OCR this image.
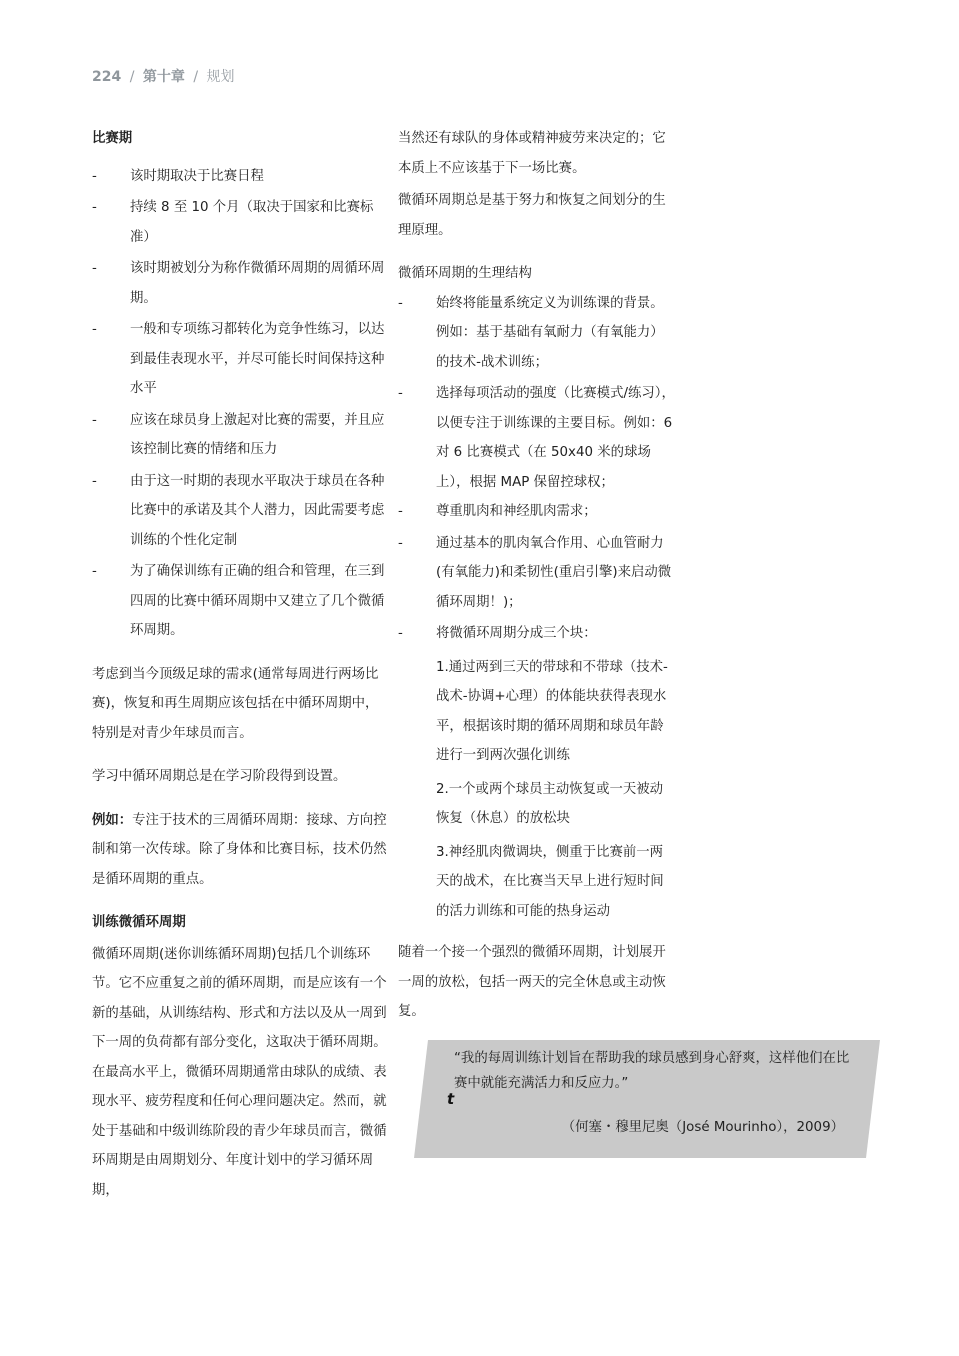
224 / 第十章 / 规划

比赛期

- 该时期取决于比赛日程
- 持续 8 至 10 个月（取决于国家和比赛标准）
- 该时期被划分为称作微循环周期的周循环周期。
- 一般和专项练习都转化为竞争性练习，以达到最佳表现水平，并尽可能长时间保持这种水平
- 应该在球员身上激起对比赛的需要，并且应该控制比赛的情绪和压力
- 由于这一时期的表现水平取决于球员在各种比赛中的承诺及其个人潜力，因此需要考虑训练的个性化定制
- 为了确保训练有正确的组合和管理，在三到四周的比赛中循环周期中又建立了几个微循环周期。

考虑到当今顶级足球的需求(通常每周进行两场比赛)，恢复和再生周期应该包括在中循环周期中，特别是对青少年球员而言。

学习中循环周期总是在学习阶段得到设置。

例如：专注于技术的三周循环周期：接球、方向控制和第一次传球。除了身体和比赛目标，技术仍然是循环周期的重点。

训练微循环周期

微循环周期(迷你训练循环周期)包括几个训练环节。它不应重复之前的循环周期，而是应该有一个新的基础，从训练结构、形式和方法以及从一周到下一周的负荷都有部分变化，这取决于循环周期。在最高水平上，微循环周期通常由球队的成绩、表现水平、疲劳程度和任何心理问题决定。然而，就处于基础和中级训练阶段的青少年球员而言，微循环周期是由周期划分、年度计划中的学习循环周期，

当然还有球队的身体或精神疲劳来决定的；它本质上不应该基于下一场比赛。

微循环周期总是基于努力和恢复之间划分的生理原理。

微循环周期的生理结构

- 始终将能量系统定义为训练课的背景。例如：基于基础有氧耐力（有氧能力）的技术-战术训练；
- 选择每项活动的强度（比赛模式/练习），以便专注于训练课的主要目标。例如：6 对 6 比赛模式（在 50x40 米的球场上），根据 MAP 保留控球权；
- 尊重肌肉和神经肌肉需求；
- 通过基本的肌肉氧合作用、心血管耐力(有氧能力)和柔韧性(重启引擎)来启动微循环周期！)；
- 将微循环周期分成三个块：
1.通过两到三天的带球和不带球（技术-战术-协调+心理）的体能块获得表现水平，根据该时期的循环周期和球员年龄进行一到两次强化训练
2.一个或两个球员主动恢复或一天被动恢复（休息）的放松块
3.神经肌肉微调块，侧重于比赛前一两天的战术，在比赛当天早上进行短时间的活力训练和可能的热身运动

随着一个接一个强烈的微循环周期，计划展开一周的放松，包括一两天的完全休息或主动恢复。

“我的每周训练计划旨在帮助我的球员感到身心舒爽，这样他们在比赛中就能充满活力和反应力。”
t
（何塞・穆里尼奥（José Mourinho），2009）
